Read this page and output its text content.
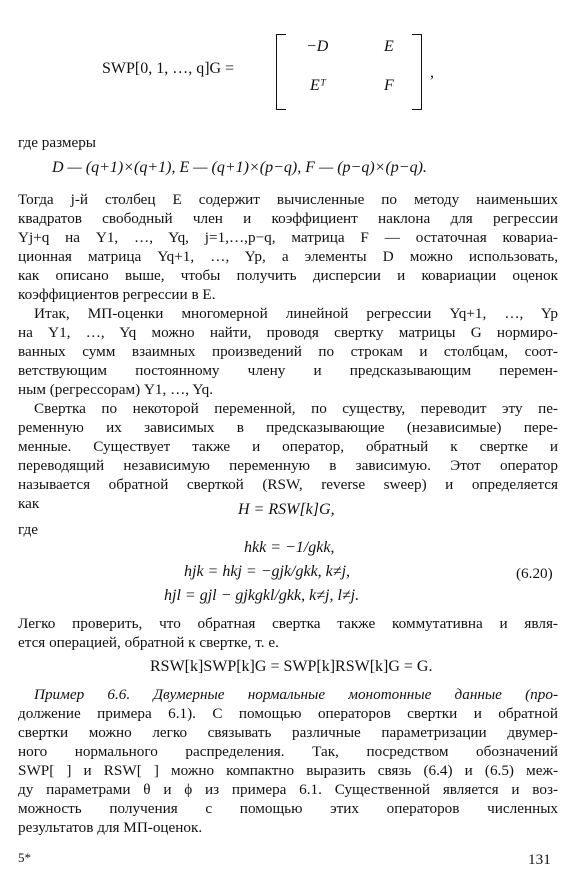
SWP[0, 1, …, q]G =
−D	E
Eᵀ	F
,
где размеры
D — (q+1)×(q+1), E — (q+1)×(p−q), F — (p−q)×(p−q).
Тогда j-й столбец E содержит вычисленные по методу наименьших
квадратов свободный член и коэффициент наклона для регрессии
Yj+q на Y1, …, Yq, j=1,…,p−q, матрица F — остаточная ковариа-
ционная матрица Yq+1, …, Yp, а элементы D можно использовать,
как описано выше, чтобы получить дисперсии и ковариации оценок
коэффициентов регрессии в E.
Итак, МП-оценки многомерной линейной регрессии Yq+1, …, Yp
на Y1, …, Yq можно найти, проводя свертку матрицы G нормиро-
ванных сумм взаимных произведений по строкам и столбцам, соот-
ветствующим постоянному члену и предсказывающим перемен-
ным (регрессорам) Y1, …, Yq.
Свертка по некоторой переменной, по существу, переводит эту пе-
ременную их зависимых в предсказывающие (независимые) пере-
менные. Существует также и оператор, обратный к свертке и
переводящий независимую переменную в зависимую. Этот оператор
называется обратной сверткой (RSW, reverse sweep) и определяется
как	H = RSW[k]G,
где
hkk = −1/gkk,
hjk = hkj = −gjk/gkk, k≠j,
hjl = gjl − gjkgkl/gkk, k≠j, l≠j.
(6.20)
Легко проверить, что обратная свертка также коммутативна и явля-
ется операцией, обратной к свертке, т. е.
RSW[k]SWP[k]G = SWP[k]RSW[k]G = G.
Пример 6.6. Двумерные нормальные монотонные данные (про-
должение примера 6.1). С помощью операторов свертки и обратной
свертки можно легко связывать различные параметризации двумер-
ного нормального распределения. Так, посредством обозначений
SWP[ ] и RSW[ ] можно компактно выразить связь (6.4) и (6.5) меж-
ду параметрами θ и ϕ из примера 6.1. Существенной является и воз-
можность получения с помощью этих операторов численных
результатов для МП-оценок.
5*	131
